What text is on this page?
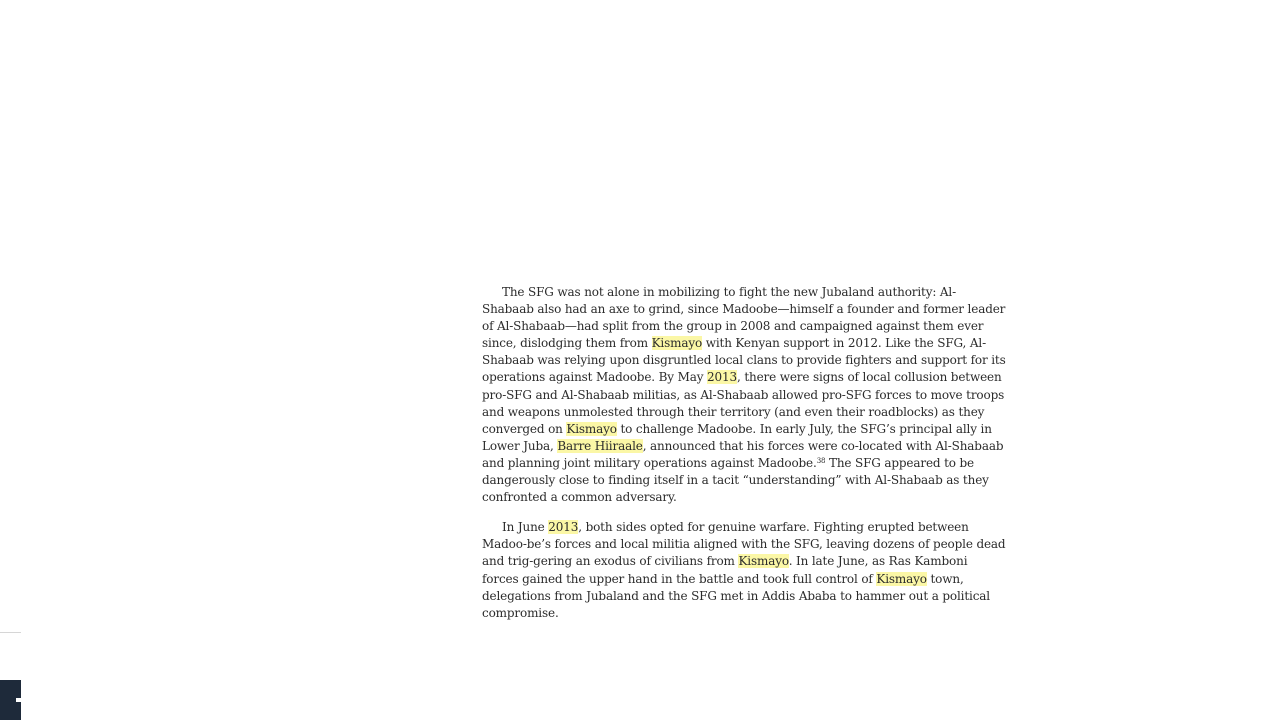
The SFG was not alone in mobilizing to fight the new Jubaland authority: Al-Shabaab also had an axe to grind, since Madoobe—himself a founder and former leader of Al-Shabaab—had split from the group in 2008 and campaigned against them ever since, dislodging them from Kismayo with Kenyan support in 2012. Like the SFG, Al-Shabaab was relying upon disgruntled local clans to provide fighters and support for its operations against Madoobe. By May 2013, there were signs of local collusion between pro-SFG and Al-Shabaab militias, as Al-Shabaab allowed pro-SFG forces to move troops and weapons unmolested through their territory (and even their roadblocks) as they converged on Kismayo to challenge Madoobe. In early July, the SFG’s principal ally in Lower Juba, Barre Hiiraale, announced that his forces were co-located with Al-Shabaab and planning joint military operations against Madoobe.$^{38}$ The SFG appeared to be dangerously close to finding itself in a tacit “understanding” with Al-Shabaab as they confronted a common adversary.

In June 2013, both sides opted for genuine warfare. Fighting erupted between Madoo-be’s forces and local militia aligned with the SFG, leaving dozens of people dead and trig-gering an exodus of civilians from Kismayo. In late June, as Ras Kamboni forces gained the upper hand in the battle and took full control of Kismayo town, delegations from Jubaland and the SFG met in Addis Ababa to hammer out a political compromise.
